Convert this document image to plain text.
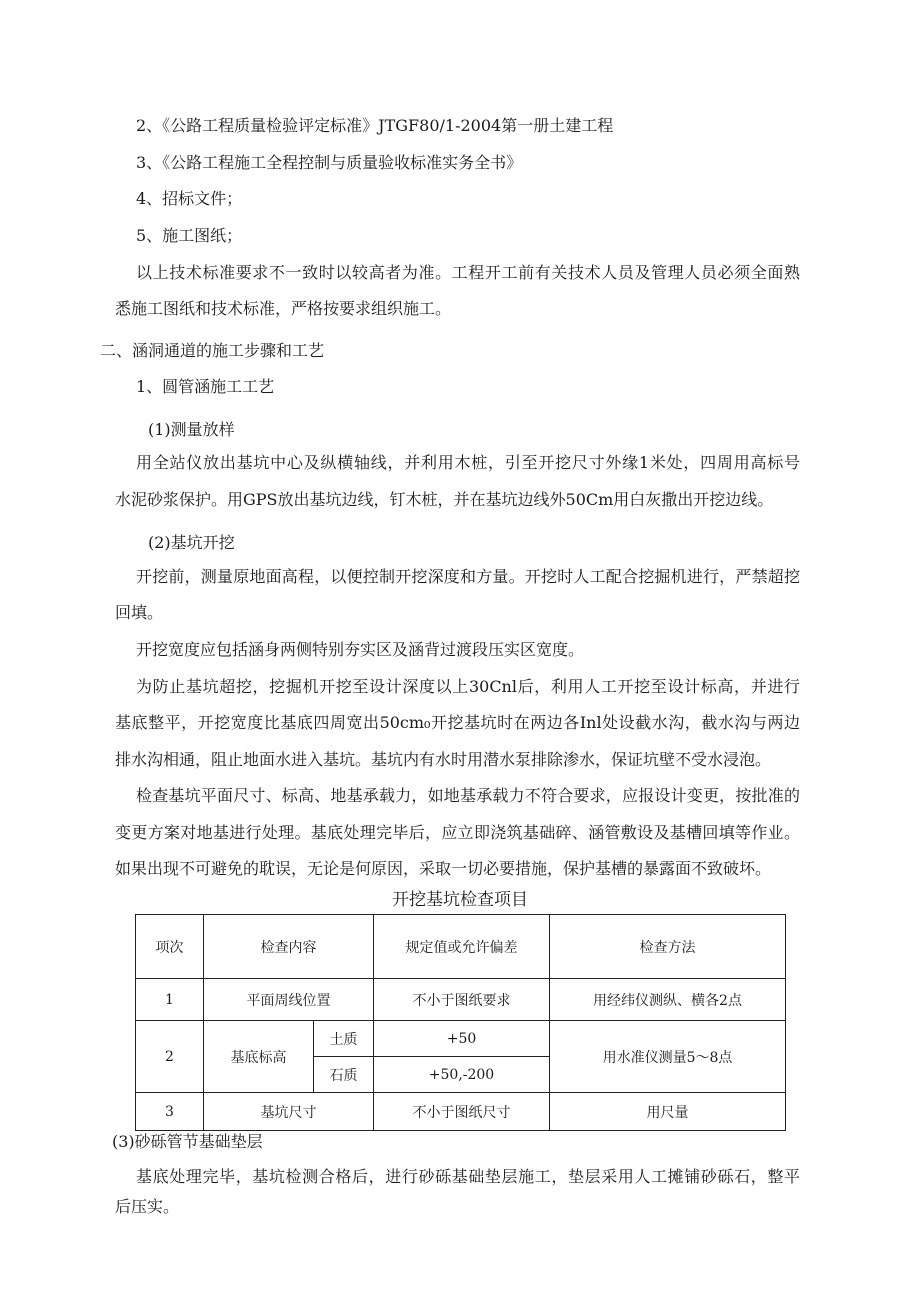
2、《公路工程质量检验评定标准》JTGF80/1-2004第一册土建工程
3、《公路工程施工全程控制与质量验收标准实务全书》
4、招标文件；
5、施工图纸；
以上技术标准要求不一致时以较高者为准。工程开工前有关技术人员及管理人员必须全面熟
悉施工图纸和技术标准，严格按要求组织施工。
二、涵洞通道的施工步骤和工艺
1、圆管涵施工工艺
(1)测量放样
用全站仪放出基坑中心及纵横轴线，并利用木桩，引至开挖尺寸外缘1米处，四周用高标号
水泥砂浆保护。用GPS放出基坑边线，钉木桩，并在基坑边线外50Cm用白灰撒出开挖边线。
(2)基坑开挖
开挖前，测量原地面高程，以便控制开挖深度和方量。开挖时人工配合挖掘机进行，严禁超挖
回填。
开挖宽度应包括涵身两侧特别夯实区及涵背过渡段压实区宽度。
为防止基坑超挖，挖掘机开挖至设计深度以上30Cnl后，利用人工开挖至设计标高，并进行
基底整平，开挖宽度比基底四周宽出50cm₀开挖基坑时在两边各Inl处设截水沟，截水沟与两边
排水沟相通，阻止地面水进入基坑。基坑内有水时用潜水泵排除渗水，保证坑壁不受水浸泡。
检查基坑平面尺寸、标高、地基承载力，如地基承载力不符合要求，应报设计变更，按批准的
变更方案对地基进行处理。基底处理完毕后，应立即浇筑基础碎、涵管敷设及基槽回填等作业。
如果出现不可避免的耽误，无论是何原因，采取一切必要措施，保护基槽的暴露面不致破坏。
开挖基坑检查项目
项次	检查内容		规定值或允许偏差	检查方法
1	平面周线位置		不小于图纸要求	用经纬仪测纵、横各2点
2	基底标高	土质	+50	用水准仪测量5～8点
		石质	+50,-200	
3	基坑尺寸		不小于图纸尺寸	用尺量
(3)砂砾管节基础垫层
基底处理完毕，基坑检测合格后，进行砂砾基础垫层施工，垫层采用人工摊铺砂砾石，整平
后压实。
